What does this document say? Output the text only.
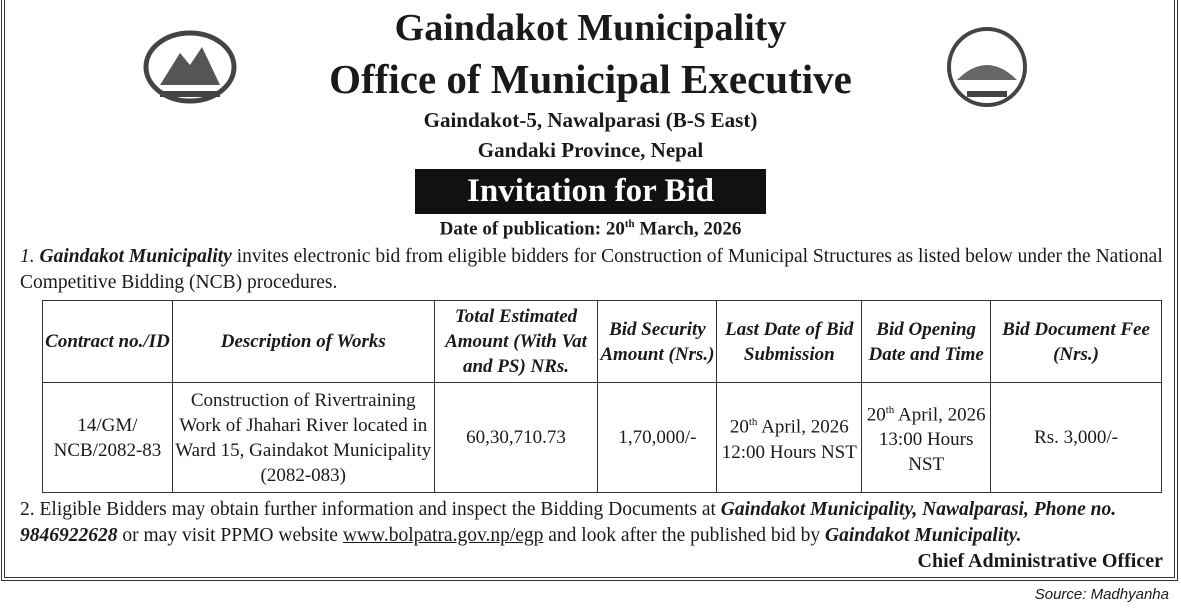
Gaindakot Municipality
Office of Municipal Executive
Gaindakot-5, Nawalparasi (B-S East)
Gandaki Province, Nepal
Invitation for Bid
Date of publication: 20th March, 2026
1. Gaindakot Municipality invites electronic bid from eligible bidders for Construction of Municipal Structures as listed below under the National Competitive Bidding (NCB) procedures.
Contract no./ID	Description of Works	Total Estimated Amount (With Vat and PS) NRs.	Bid Security Amount (Nrs.)	Last Date of Bid Submission	Bid Opening Date and Time	Bid Document Fee (Nrs.)
14/GM/ NCB/2082-83	Construction of Rivertraining Work of Jhahari River located in Ward 15, Gaindakot Municipality (2082-083)	60,30,710.73	1,70,000/-	20th April, 2026 12:00 Hours NST	20th April, 2026 13:00 Hours NST	Rs. 3,000/-
2. Eligible Bidders may obtain further information and inspect the Bidding Documents at Gaindakot Municipality, Nawalparasi, Phone no. 9846922628 or may visit PPMO website www.bolpatra.gov.np/egp and look after the published bid by Gaindakot Municipality.
Chief Administrative Officer
Source: Madhyanha
